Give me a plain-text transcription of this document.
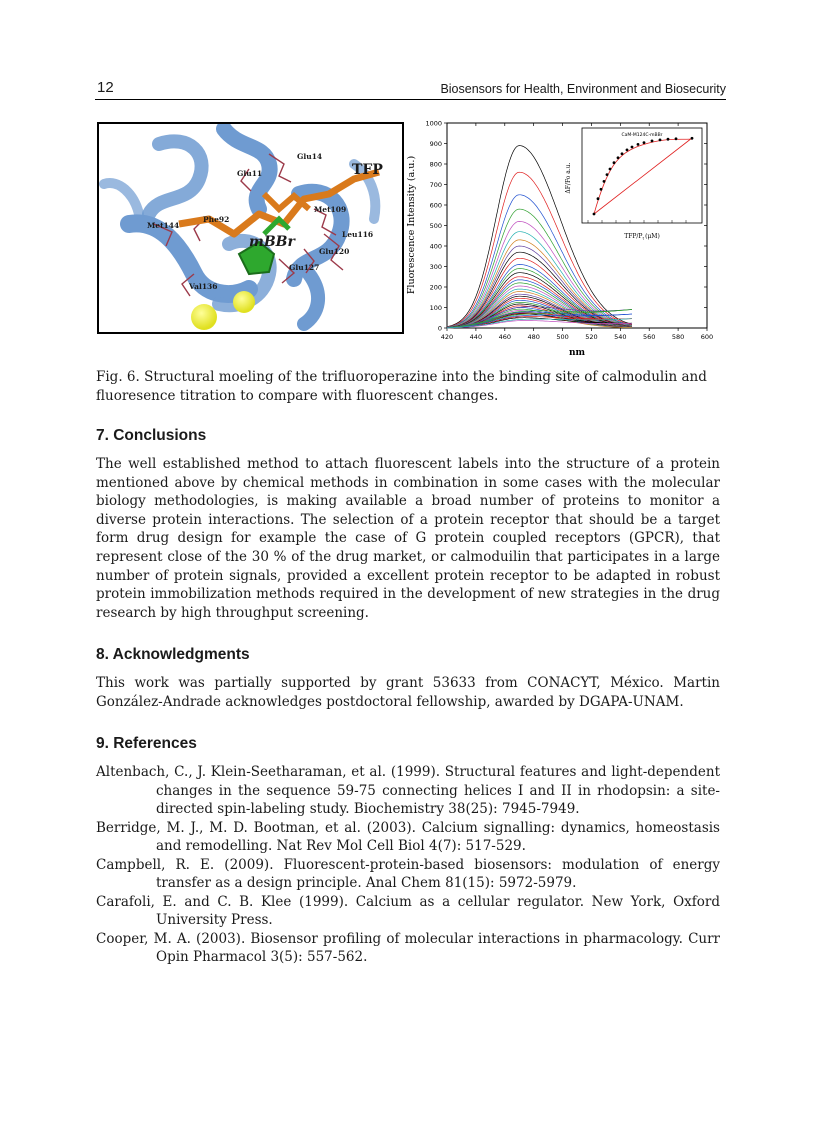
12	Biosensors for Health, Environment and Biosecurity
Glu14
Glu11
Met109
Phe92
Met144
Leu116
Glu120
Glu127
Val136
TFP
mBBr
0
100
200
300
400
500
600
700
800
900
1000
420	440	460	480	500	520	540	560	580	600
Fluorescence Intensity (a.u.)
nm
CaM-M124C-mBBr
ΔF/Fo a.u.
TFP/$P_t(\mu M)$
Fig. 6. Structural moeling of the trifluoroperazine into the binding site of calmodulin and fluoresence titration to compare with fluorescent changes.
7. Conclusions

The well established method to attach fluorescent labels into the structure of a protein mentioned above by chemical methods in combination in some cases with the molecular biology methodologies, is making available a broad number of proteins to monitor a diverse protein interactions. The selection of a protein receptor that should be a target form drug design for example the case of G protein coupled receptors (GPCR), that represent close of the 30 % of the drug market, or calmoduilin that participates in a large number of protein signals, provided a excellent protein receptor to be adapted in robust protein immobilization methods required in the development of new strategies in the drug research by high throughput screening.

8. Acknowledgments

This work was partially supported by grant 53633 from CONACYT, México. Martin González-Andrade acknowledges postdoctoral fellowship, awarded by DGAPA-UNAM.

9. References
Altenbach, C., J. Klein-Seetharaman, et al. (1999). Structural features and light-dependent changes in the sequence 59-75 connecting helices I and II in rhodopsin: a site-directed spin-labeling study. Biochemistry 38(25): 7945-7949.
Berridge, M. J., M. D. Bootman, et al. (2003). Calcium signalling: dynamics, homeostasis and remodelling. Nat Rev Mol Cell Biol 4(7): 517-529.
Campbell, R. E. (2009). Fluorescent-protein-based biosensors: modulation of energy transfer as a design principle. Anal Chem 81(15): 5972-5979.
Carafoli, E. and C. B. Klee (1999). Calcium as a cellular regulator. New York, Oxford University Press.
Cooper, M. A. (2003). Biosensor profiling of molecular interactions in pharmacology. Curr Opin Pharmacol 3(5): 557-562.
